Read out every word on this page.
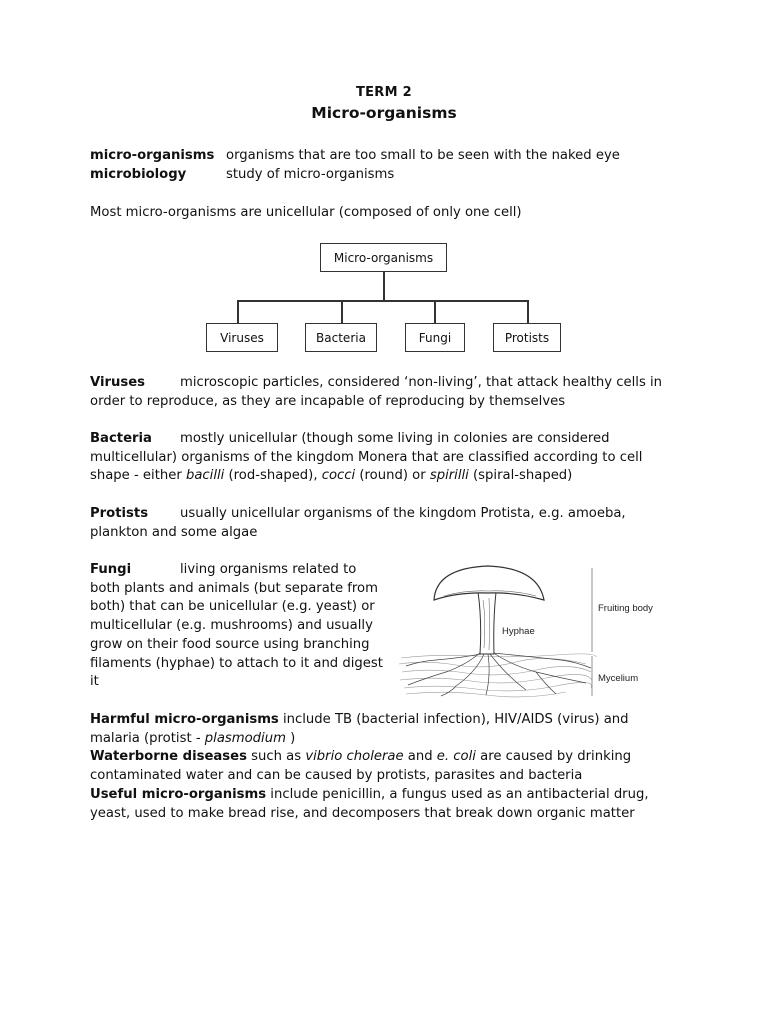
TERM 2
Micro-organisms
micro-organisms organisms that are too small to be seen with the naked eye
microbiology	study of micro-organisms
Most micro-organisms are unicellular (composed of only one cell)
Micro-organisms
Viruses	Bacteria	Fungi	Protists
Viruses	microscopic particles, considered ‘non-living’, that attack healthy cells in order to reproduce, as they are incapable of reproducing by themselves
Bacteria mostly unicellular (though some living in colonies are considered multicellular) organisms of the kingdom Monera that are classified according to cell shape - either bacilli (rod-shaped), cocci (round) or spirilli (spiral-shaped)
Protists usually unicellular organisms of the kingdom Protista, e.g. amoeba, plankton and some algae
Fungi	living organisms related to both plants and animals (but separate from both) that can be unicellular (e.g. yeast) or multicellular (e.g. mushrooms) and usually grow on their food source using branching filaments (hyphae) to attach to it and digest it
Fruiting body
Hyphae
Mycelium
Harmful micro-organisms include TB (bacterial infection), HIV/AIDS (virus) and malaria (protist - plasmodium )
Waterborne diseases such as vibrio cholerae and e. coli are caused by drinking contaminated water and can be caused by protists, parasites and bacteria
Useful micro-organisms include penicillin, a fungus used as an antibacterial drug, yeast, used to make bread rise, and decomposers that break down organic matter
